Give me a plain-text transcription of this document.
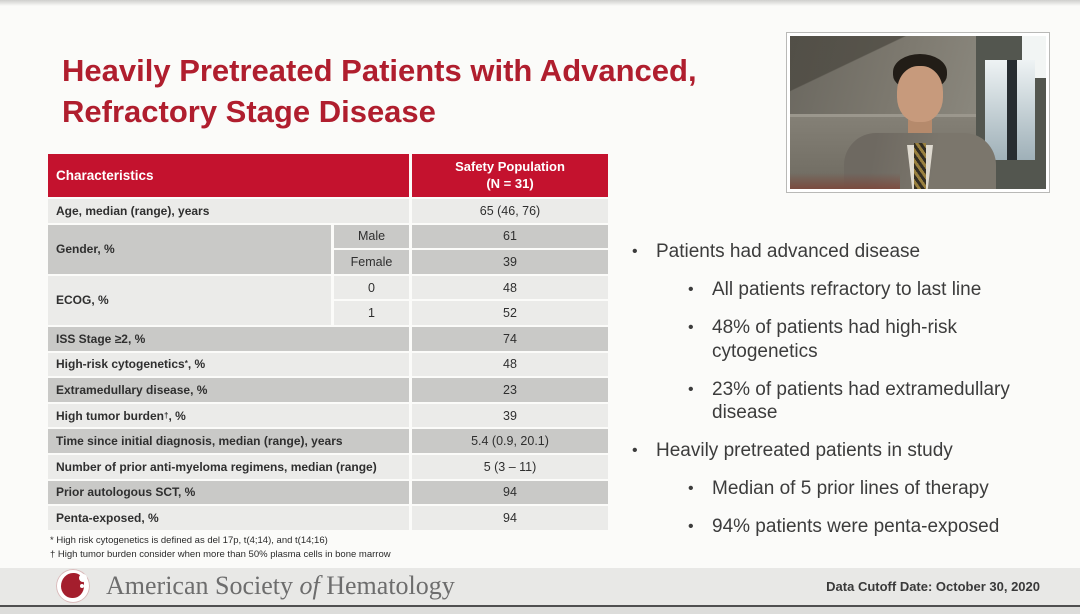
Heavily Pretreated Patients with Advanced,
Refractory Stage Disease
Characteristics
Safety Population
(N = 31)
Age, median (range), years	65 (46, 76)
Gender, %
Male	61
Female	39
ECOG, %
0	48
1	52
ISS Stage ≥2, %	74
High-risk cytogenetics * , %	48
Extramedullary disease, %	23
High tumor burden † , %	39
Time since initial diagnosis, median (range), years	5.4 (0.9, 20.1)
Number of prior anti-myeloma regimens, median (range)	5 (3 – 11)
Prior autologous SCT, %	94
Penta-exposed, %	94
* High risk cytogenetics is defined as del 17p, t(4;14), and t(14;16)
† High tumor burden consider when more than 50% plasma cells in bone marrow
• Patients had advanced disease
• All patients refractory to last line
• 48% of patients had high-risk cytogenetics
• 23% of patients had extramedullary disease
• Heavily pretreated patients in study
• Median of 5 prior lines of therapy
• 94% patients were penta-exposed
American Society of Hematology	Data Cutoff Date: October 30, 2020
